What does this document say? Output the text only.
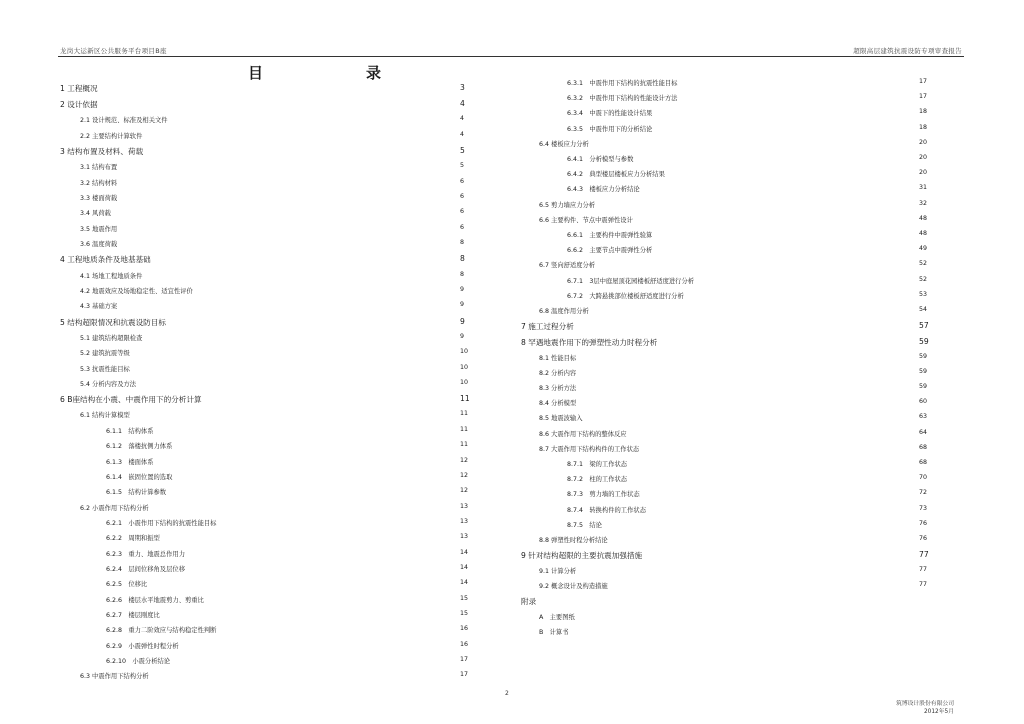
龙岗大运新区公共服务平台项目B座	超限高层建筑抗震设防专项审查报告
目　录
1 工程概况	3
2 设计依据	4
2.1 设计规范、标准及相关文件	4
2.2 主要结构计算软件	4
3 结构布置及材料、荷载	5
3.1 结构布置	5
3.2 结构材料	6
3.3 楼面荷载	6
3.4 风荷载	6
3.5 地震作用	6
3.6 温度荷载	8
4 工程地质条件及地基基础	8
4.1 场地工程地质条件	8
4.2 地震效应及场地稳定性、适宜性评价	9
4.3 基础方案	9
5 结构超限情况和抗震设防目标	9
5.1 建筑结构超限检查	9
5.2 建筑抗震等级	10
5.3 抗震性能目标	10
5.4 分析内容及方法	10
6 B座结构在小震、中震作用下的分析计算	11
6.1 结构计算模型	11
6.1.1　结构体系	11
6.1.2　落楼抗侧力体系	11
6.1.3　楼面体系	12
6.1.4　嵌固位置的选取	12
6.1.5　结构计算参数	12
6.2 小震作用下结构分析	13
6.2.1　小震作用下结构的抗震性能目标	13
6.2.2　周期和振型	13
6.2.3　重力、地震总作用力	14
6.2.4　层间位移角及层位移	14
6.2.5　位移比	14
6.2.6　楼层水平地震剪力、剪重比	15
6.2.7　楼层刚度比	15
6.2.8　重力二阶效应与结构稳定性判断	16
6.2.9　小震弹性时程分析	16
6.2.10　小震分析结论	17
6.3 中震作用下结构分析	17
6.3.1　中震作用下结构的抗震性能目标	17
6.3.2　中震作用下结构的性能设计方法	17
6.3.4　中震下的性能设计结果	18
6.3.5　中震作用下的分析结论	18
6.4 楼板应力分析	20
6.4.1　分析模型与参数	20
6.4.2　典型楼层楼板应力分析结果	20
6.4.3　楼板应力分析结论	31
6.5 剪力墙应力分析	32
6.6 主要构件、节点中震弹性设计	48
6.6.1　主要构件中震弹性验算	48
6.6.2　主要节点中震弹性分析	49
6.7 竖向舒适度分析	52
6.7.1　3层中庭屋顶花园楼板舒适度进行分析	52
6.7.2　大跨悬挑部位楼板舒适度进行分析	53
6.8 温度作用分析	54
7 施工过程分析	57
8 罕遇地震作用下的弹塑性动力时程分析	59
8.1 性能目标	59
8.2 分析内容	59
8.3 分析方法	59
8.4 分析模型	60
8.5 地震波输入	63
8.6 大震作用下结构的整体反应	64
8.7 大震作用下结构构件的工作状态	68
8.7.1　梁的工作状态	68
8.7.2　柱的工作状态	70
8.7.3　剪力墙的工作状态	72
8.7.4　转换构件的工作状态	73
8.7.5　结论	76
8.8 弹塑性时程分析结论	76
9 针对结构超限的主要抗震加强措施	77
9.1 计算分析	77
9.2 概念设计及构造措施	77
附录
A　主要图纸
B　计算书
2
筑博设计股份有限公司
2012年5月
